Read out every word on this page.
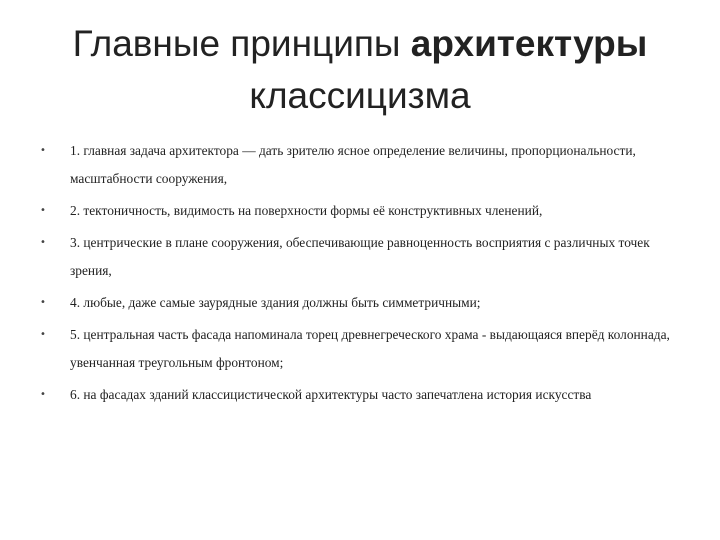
Главные принципы архитектуры
классицизма
• 1. главная задача архитектора — дать зрителю ясное определение величины, пропорциональности, масштабности сооружения,
• 2. тектоничность, видимость на поверхности формы её конструктивных членений,
• 3. центрические в плане сооружения, обеспечивающие равноценность восприятия с различных точек зрения,
• 4. любые, даже самые заурядные здания должны быть симметричными;
• 5. центральная часть фасада напоминала торец древнегреческого храма - выдающаяся вперёд колоннада, увенчанная треугольным фронтоном;
• 6. на фасадах зданий классицистической архитектуры часто запечатлена история искусства
